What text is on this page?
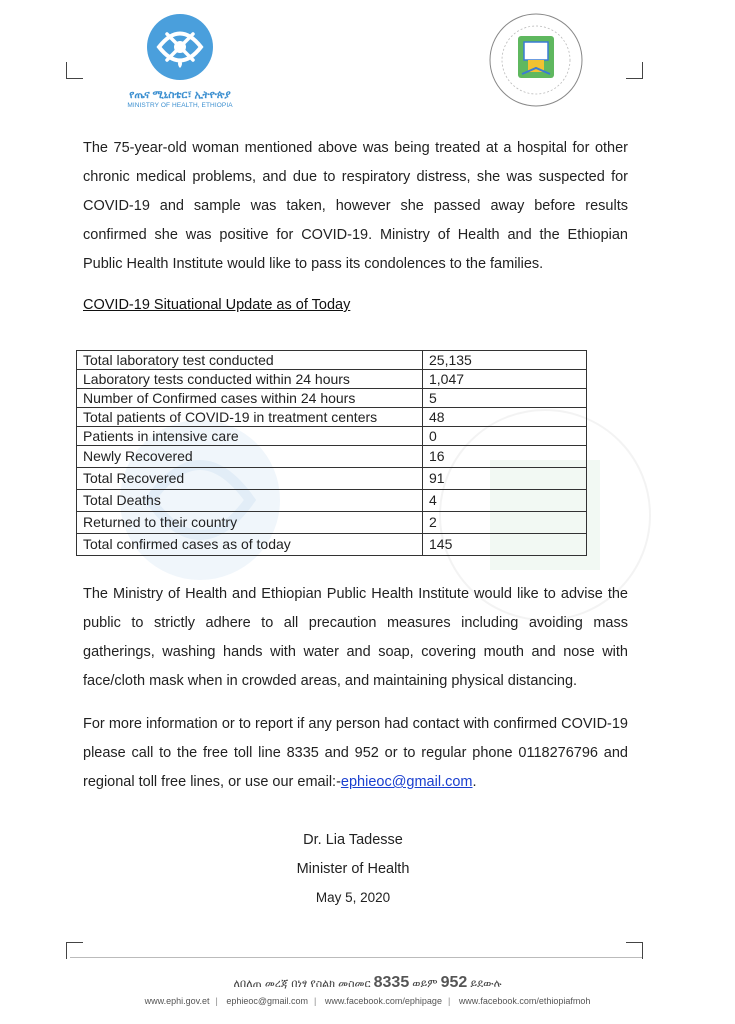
የጤና ሚኒስቴር፣ ኢትዮጵያ
MINISTRY OF HEALTH, ETHIOPIA

The 75-year-old woman mentioned above was being treated at a hospital for other chronic medical problems, and due to respiratory distress, she was suspected for COVID-19 and sample was taken, however she passed away before results confirmed she was positive for COVID-19. Ministry of Health and the Ethiopian Public Health Institute would like to pass its condolences to the families.

COVID-19 Situational Update as of Today
Total laboratory test conducted	25,135
Laboratory tests conducted within 24 hours	1,047
Number of Confirmed cases within 24 hours	5
Total patients of COVID-19 in treatment centers	48
Patients in intensive care	0
Newly Recovered	16
Total Recovered	91
Total Deaths	4
Returned to their country	2
Total confirmed cases as of today	145

The Ministry of Health and Ethiopian Public Health Institute would like to advise the public to strictly adhere to all precaution measures including avoiding mass gatherings, washing hands with water and soap, covering mouth and nose with face/cloth mask when in crowded areas, and maintaining physical distancing.

For more information or to report if any person had contact with confirmed COVID-19 please call to the free toll line 8335 and 952 or to regular phone 0118276796 and regional toll free lines, or use our email:-ephieoc@gmail.com.

Dr. Lia Tadesse
Minister of Health
May 5, 2020
ለበለጠ መረጃ በነፃ የስልክ መስመር 8335 ወይም 952 ይደውሉ
www.ephi.gov.et | ephieoc@gmail.com | www.facebook.com/ephipage | www.facebook.com/ethiopiafmoh
